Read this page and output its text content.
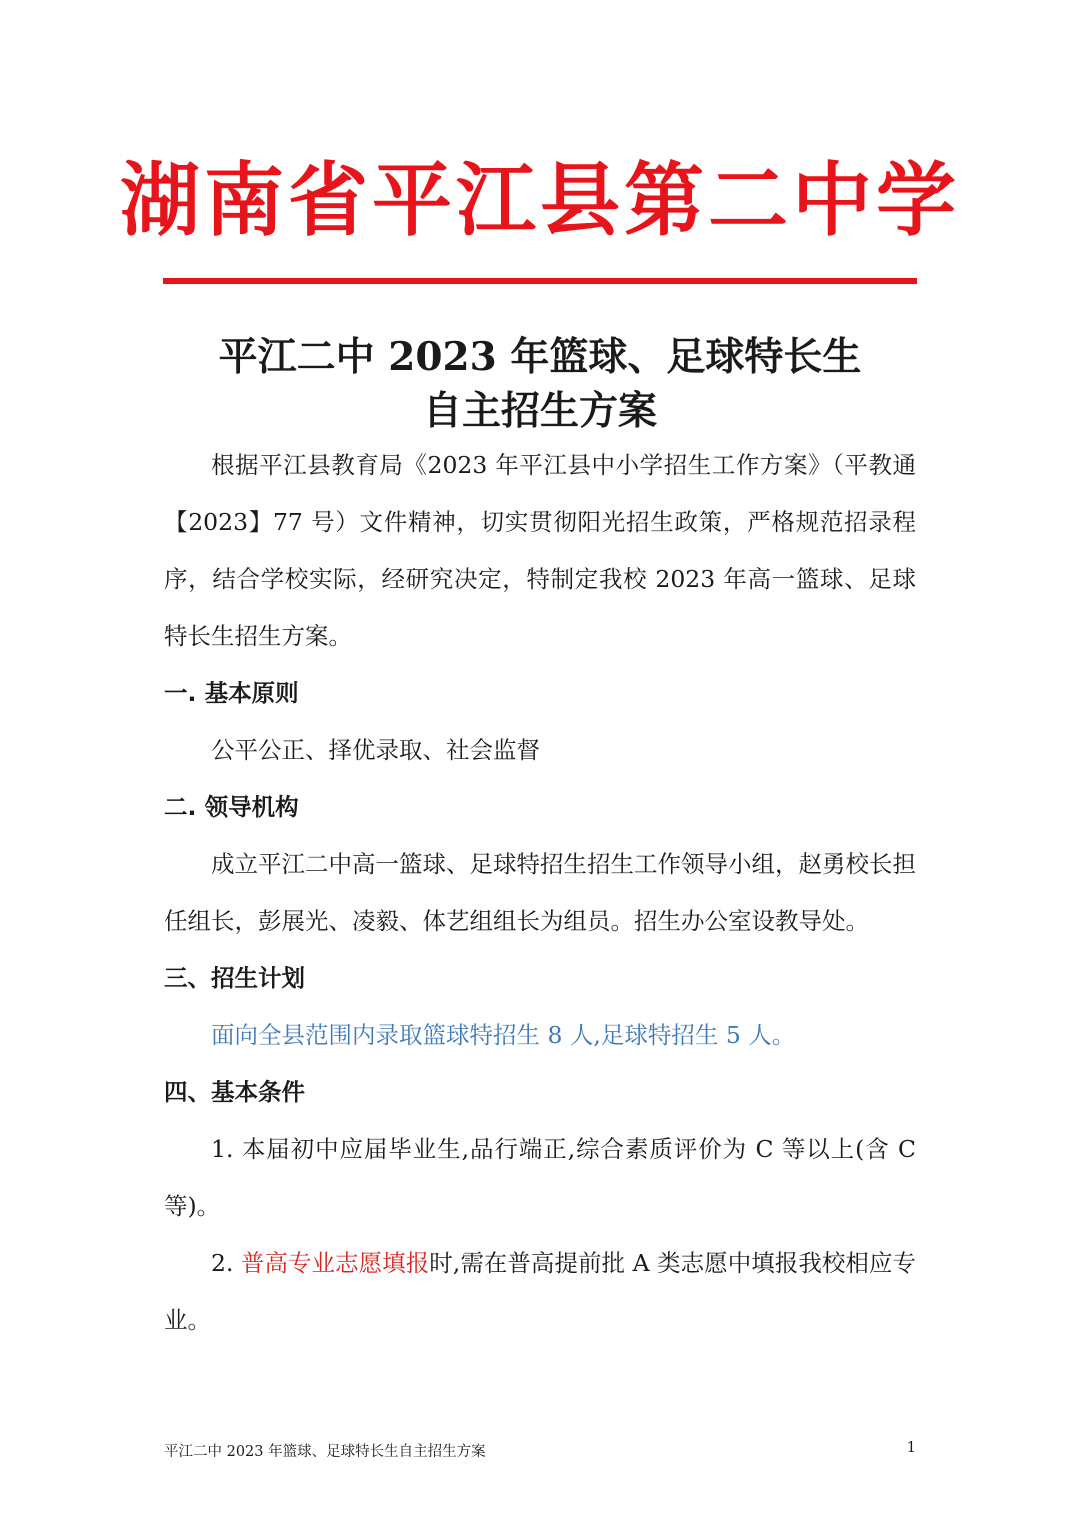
湖南省平江县第二中学
平江二中 2023 年篮球、足球特长生
自主招生方案

根据平江县教育局《2023 年平江县中小学招生工作方案》（平教通【2023】77 号）文件精神，切实贯彻阳光招生政策，严格规范招录程序，结合学校实际，经研究决定，特制定我校 2023 年高一篮球、足球特长生招生方案。

一. 基本原则

公平公正、择优录取、社会监督

二. 领导机构

成立平江二中高一篮球、足球特招生招生工作领导小组，赵勇校长担任组长，彭展光、凌毅、体艺组组长为组员。招生办公室设教导处。

三、招生计划

面向全县范围内录取篮球特招生 8 人,足球特招生 5 人。

四、基本条件

1. 本届初中应届毕业生,品行端正,综合素质评价为 C 等以上(含 C 等)。

2. 普高专业志愿填报时,需在普高提前批 A 类志愿中填报我校相应专业。

平江二中 2023 年篮球、足球特长生自主招生方案	1
